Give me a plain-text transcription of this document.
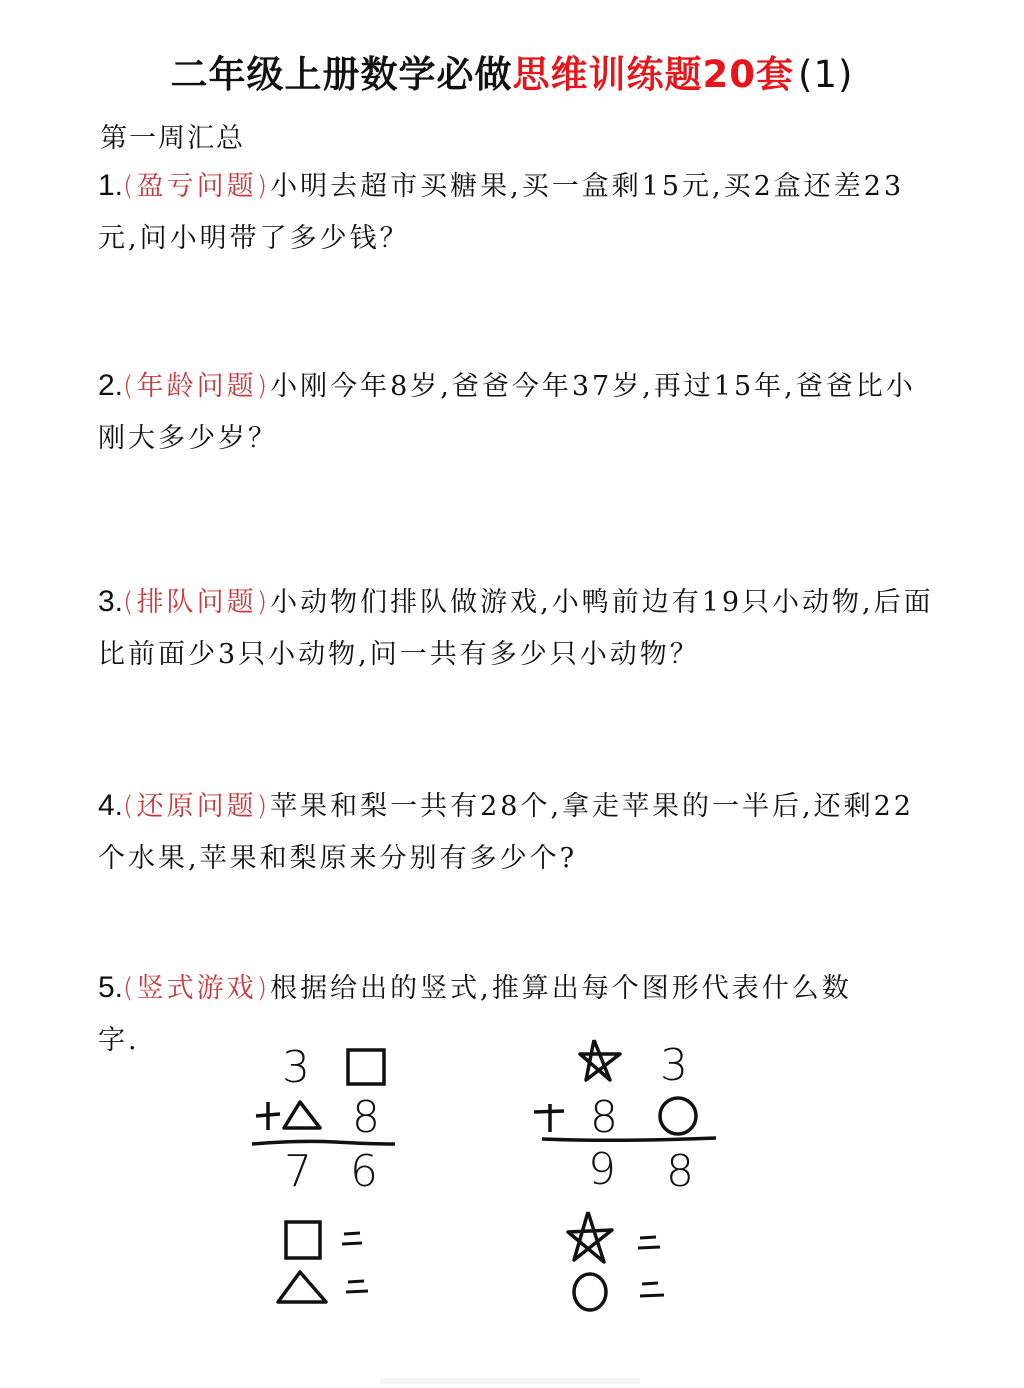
二年级上册数学必做思维训练题20套 (1)
第一周汇总
1.(盈亏问题)小明去超市买糖果,买一盒剩15元,买2盒还差23元,问小明带了多少钱？
2.(年龄问题)小刚今年8岁,爸爸今年37岁,再过15年,爸爸比小刚大多少岁？
3.(排队问题)小动物们排队做游戏,小鸭前边有19只小动物,后面比前面少3只小动物,问一共有多少只小动物？
4.(还原问题)苹果和梨一共有28个,拿走苹果的一半后,还剩22个水果,苹果和梨原来分别有多少个?
5.(竖式游戏)根据给出的竖式,推算出每个图形代表什么数字.
3
8
7 6
3
8
9 8
